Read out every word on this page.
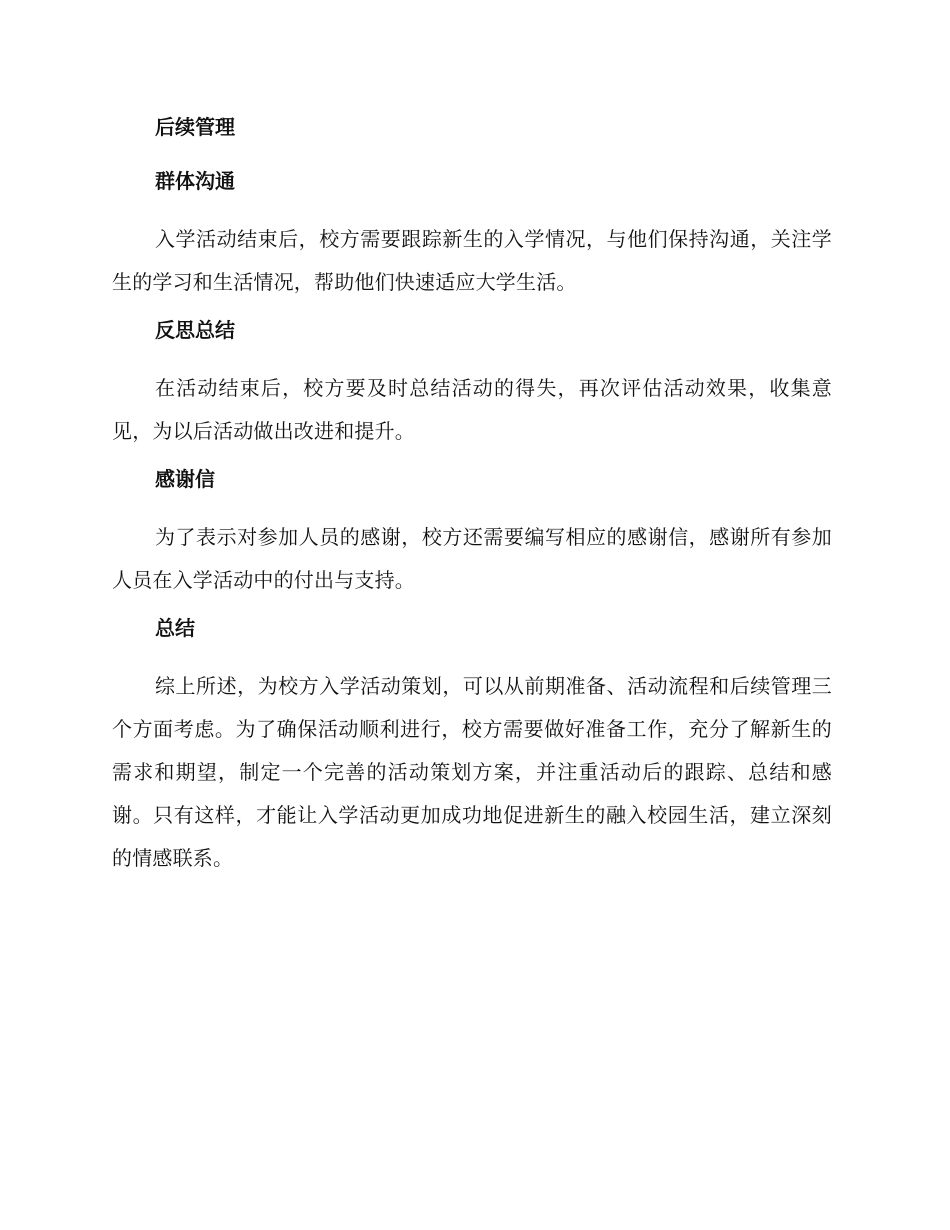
后续管理
群体沟通

入学活动结束后，校方需要跟踪新生的入学情况，与他们保持沟通，关注学生的学习和生活情况，帮助他们快速适应大学生活。

反思总结

在活动结束后，校方要及时总结活动的得失，再次评估活动效果，收集意见，为以后活动做出改进和提升。

感谢信

为了表示对参加人员的感谢，校方还需要编写相应的感谢信，感谢所有参加人员在入学活动中的付出与支持。

总结

综上所述，为校方入学活动策划，可以从前期准备、活动流程和后续管理三个方面考虑。为了确保活动顺利进行，校方需要做好准备工作，充分了解新生的需求和期望，制定一个完善的活动策划方案，并注重活动后的跟踪、总结和感谢。只有这样，才能让入学活动更加成功地促进新生的融入校园生活，建立深刻的情感联系。
